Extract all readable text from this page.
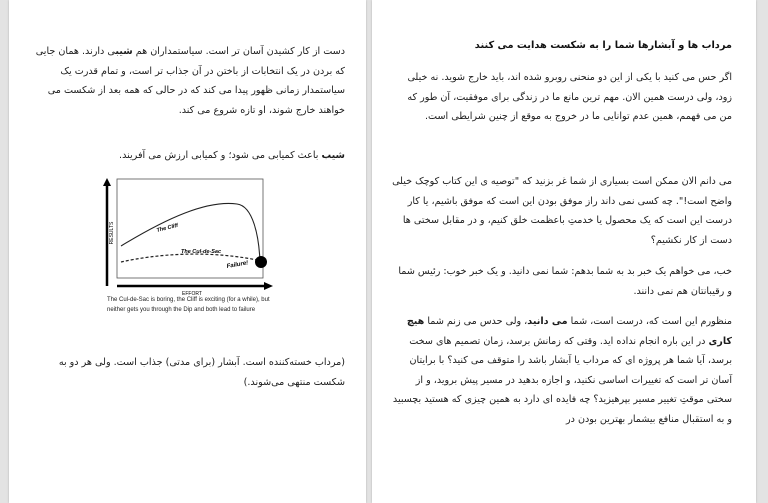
دست از کار کشیدن آسان تر است. سیاستمداران هم شیبی دارند. همان جایی که بردن در یک انتخابات از باختن در آن جذاب تر است، و تمام قدرت یک سیاستمدار زمانی ظهور پیدا می کند که در حالی که همه بعد از شکست می خواهند خارج شوند، او تازه شروع می کند.
شیب باعث کمیابی می شود؛ و کمیابی ارزش می آفریند.
RESULTS
EFFORT
The Cliff
The Cul-de-Sac
Failure!
The Cul-de-Sac is boring, the Cliff is exciting (for a while), but neither gets you through the Dip and both lead to failure
(مرداب خسته‌کننده است. آبشار (برای مدتی) جذاب است. ولی هر دو به شکست منتهی می‌شوند.)
مرداب ها و آبشارها شما را به شکست هدایت می کنند
اگر حس می کنید با یکی از این دو منحنی روبرو شده اند، باید خارج شوید. نه خیلی زود، ولی درست همین الان. مهم ترین مانع ما در زندگی برای موفقیت، آن طور که من می فهمم، همین عدم توانایی ما در خروج به موقع از چنین شرایطی است.
می دانم الان ممکن است بسیاری از شما غر بزنید که "توصیه ی این کتاب کوچک خیلی واضح است!". چه کسی نمی داند راز موفق بودن این است که موفق باشیم، یا کار درست این است که یک محصول یا خدمتِ باعظمت خلق کنیم، و در مقابل سختی ها دست از کار نکشیم؟
خب، می خواهم یک خبر بد به شما بدهم: شما نمی دانید. و یک خبر خوب: رئیس شما و رقیبانتان هم نمی دانند.
منظورم این است که، درست است، شما می دانید، ولی حدس می زنم شما هیچ کاری در این باره انجام نداده اید. وقتی که زمانش برسد، زمان تصمیم های سخت برسد، آیا شما هر پروژه ای که مرداب یا آبشار باشد را متوقف می کنید؟ با برایتان آسان تر است که تغییرات اساسی نکنید، و اجازه بدهید در مسیر پیش بروید، و از سختی موقتِ تغییر مسیر بپرهیزید؟ چه فایده ای دارد به همین چیزی که هستید بچسبید و به استقبال منافع بیشمار بهترین بودن در
